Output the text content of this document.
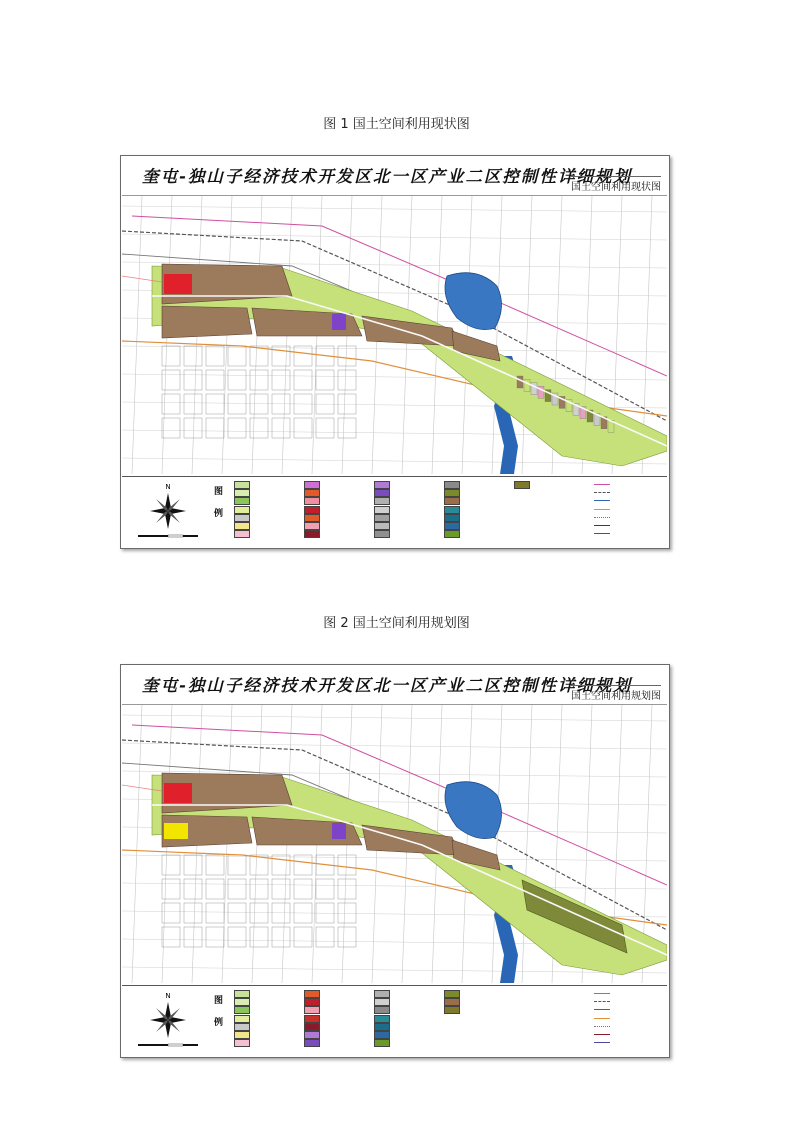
图 1 国土空间利用现状图
奎屯-独山子经济技术开发区北一区产业二区控制性详细规划
国土空间利用现状图
N	图例
图 2 国土空间利用规划图
奎屯-独山子经济技术开发区北一区产业二区控制性详细规划
国土空间利用规划图
N	图例
